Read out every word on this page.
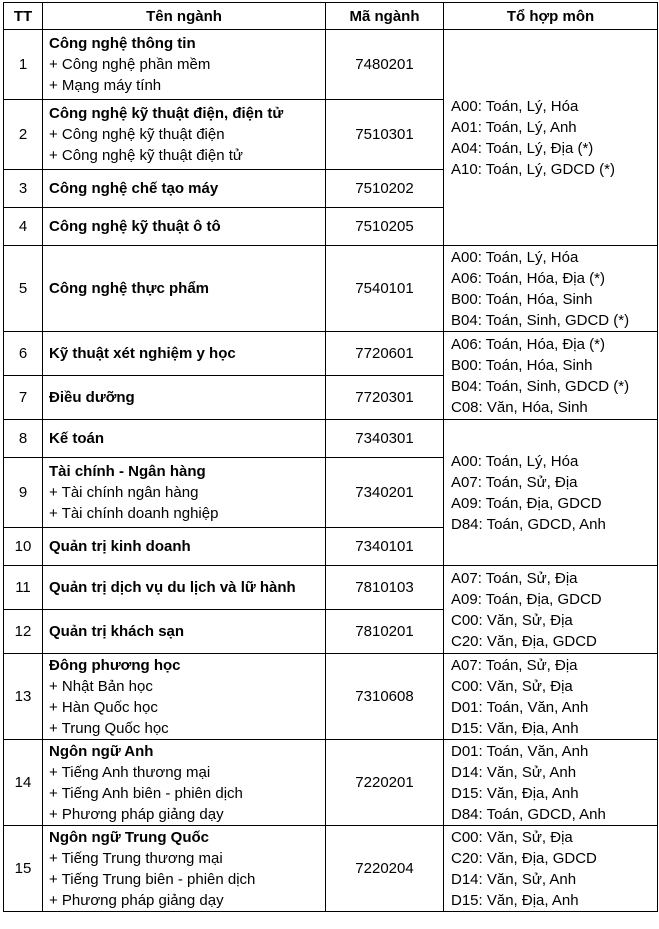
TT	Tên ngành	Mã ngành	Tổ hợp môn
1	Công nghệ thông tin
+ Công nghệ phần mềm
+ Mạng máy tính	7480201	A00: Toán, Lý, Hóa
A01: Toán, Lý, Anh
A04: Toán, Lý, Địa (*)
A10: Toán, Lý, GDCD (*)

2	Công nghệ kỹ thuật điện, điện tử
+ Công nghệ kỹ thuật điện
+ Công nghệ kỹ thuật điện tử	7510301	
3	Công nghệ chế tạo máy	7510202	
4	Công nghệ kỹ thuật ô tô	7510205	
5	Công nghệ thực phẩm	7540101	A00: Toán, Lý, Hóa
A06: Toán, Hóa, Địa (*)
B00: Toán, Hóa, Sinh
B04: Toán, Sinh, GDCD (*)

6	Kỹ thuật xét nghiệm y học	7720601	A06: Toán, Hóa, Địa (*)
B00: Toán, Hóa, Sinh
B04: Toán, Sinh, GDCD (*)
C08: Văn, Hóa, Sinh

7	Điều dưỡng	7720301	
8	Kế toán	7340301	A00: Toán, Lý, Hóa
A07: Toán, Sử, Địa
A09: Toán, Địa, GDCD
D84: Toán, GDCD, Anh

9	Tài chính - Ngân hàng
+ Tài chính ngân hàng
+ Tài chính doanh nghiệp	7340201	
10	Quản trị kinh doanh	7340101	
11	Quản trị dịch vụ du lịch và lữ hành	7810103	A07: Toán, Sử, Địa
A09: Toán, Địa, GDCD
C00: Văn, Sử, Địa
C20: Văn, Địa, GDCD

12	Quản trị khách sạn	7810201	
13	Đông phương học
+ Nhật Bản học
+ Hàn Quốc học
+ Trung Quốc học	7310608	A07: Toán, Sử, Địa
C00: Văn, Sử, Địa
D01: Toán, Văn, Anh
D15: Văn, Địa, Anh

14	Ngôn ngữ Anh
+ Tiếng Anh thương mại
+ Tiếng Anh biên - phiên dịch
+ Phương pháp giảng dạy	7220201	D01: Toán, Văn, Anh
D14: Văn, Sử, Anh
D15: Văn, Địa, Anh
D84: Toán, GDCD, Anh

15	Ngôn ngữ Trung Quốc
+ Tiếng Trung thương mại
+ Tiếng Trung biên - phiên dịch
+ Phương pháp giảng dạy	7220204	C00: Văn, Sử, Địa
C20: Văn, Địa, GDCD
D14: Văn, Sử, Anh
D15: Văn, Địa, Anh
